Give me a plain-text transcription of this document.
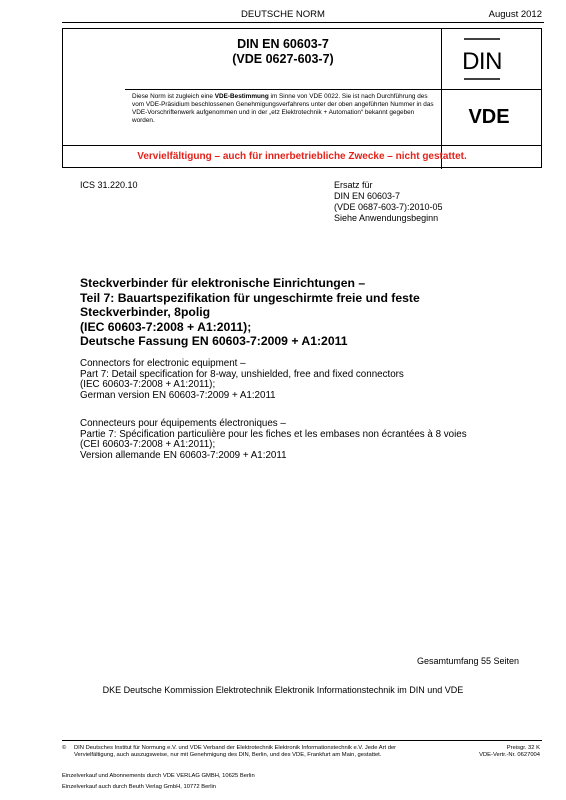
DEUTSCHE NORM	August 2012
DIN EN 60603-7
(VDE 0627-603-7)	DIN
Diese Norm ist zugleich eine VDE-Bestimmung im Sinne von VDE 0022. Sie ist nach Durchführung des vom VDE-Präsidium beschlossenen Genehmigungsverfahrens unter der oben angeführten Nummer in das VDE-Vorschriftenwerk aufgenommen und in der „etz Elektrotechnik + Automation“ bekannt gegeben worden.	VDE
Vervielfältigung – auch für innerbetriebliche Zwecke – nicht gestattet.
ICS 31.220.10	Ersatz für
DIN EN 60603-7
(VDE 0687-603-7):2010-05
Siehe Anwendungsbeginn
Steckverbinder für elektronische Einrichtungen –
Teil 7: Bauartspezifikation für ungeschirmte freie und feste
Steckverbinder, 8polig
(IEC 60603-7:2008 + A1:2011);
Deutsche Fassung EN 60603-7:2009 + A1:2011
Connectors for electronic equipment –
Part 7: Detail specification for 8-way, unshielded, free and fixed connectors
(IEC 60603-7:2008 + A1:2011);
German version EN 60603-7:2009 + A1:2011
Connecteurs pour équipements électroniques –
Partie 7: Spécification particulière pour les fiches et les embases non écrantées à 8 voies
(CEI 60603-7:2008 + A1:2011);
Version allemande EN 60603-7:2009 + A1:2011
Gesamtumfang 55 Seiten
DKE Deutsche Kommission Elektrotechnik Elektronik Informationstechnik im DIN und VDE
© DIN Deutsches Institut für Normung e.V. und VDE Verband der Elektrotechnik Elektronik Informationstechnik e.V. Jede Art der Vervielfältigung, auch auszugsweise, nur mit Genehmigung des DIN, Berlin, und des VDE, Frankfurt am Main, gestattet.
Preisgr. 32 K
VDE-Vertr.-Nr. 0627004
Einzelverkauf und Abonnements durch VDE VERLAG GMBH, 10625 Berlin
Einzelverkauf auch durch Beuth Verlag GmbH, 10772 Berlin
